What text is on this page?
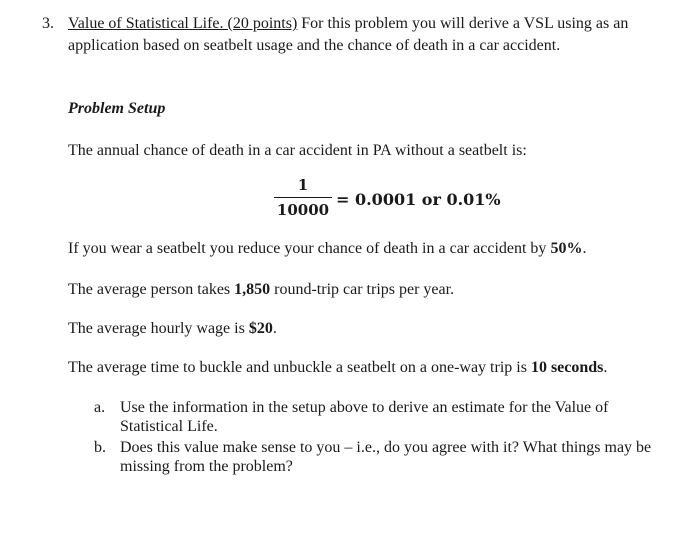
3. Value of Statistical Life. (20 points) For this problem you will derive a VSL using as an
application based on seatbelt usage and the chance of death in a car accident.
Problem Setup
The annual chance of death in a car accident in PA without a seatbelt is:
1
10000
= 0.0001 or 0.01%
If you wear a seatbelt you reduce your chance of death in a car accident by 50%.
The average person takes 1,850 round-trip car trips per year.
The average hourly wage is $20.
The average time to buckle and unbuckle a seatbelt on a one-way trip is 10 seconds.
a. Use the information in the setup above to derive an estimate for the Value of
Statistical Life.
b. Does this value make sense to you – i.e., do you agree with it? What things may be
missing from the problem?
